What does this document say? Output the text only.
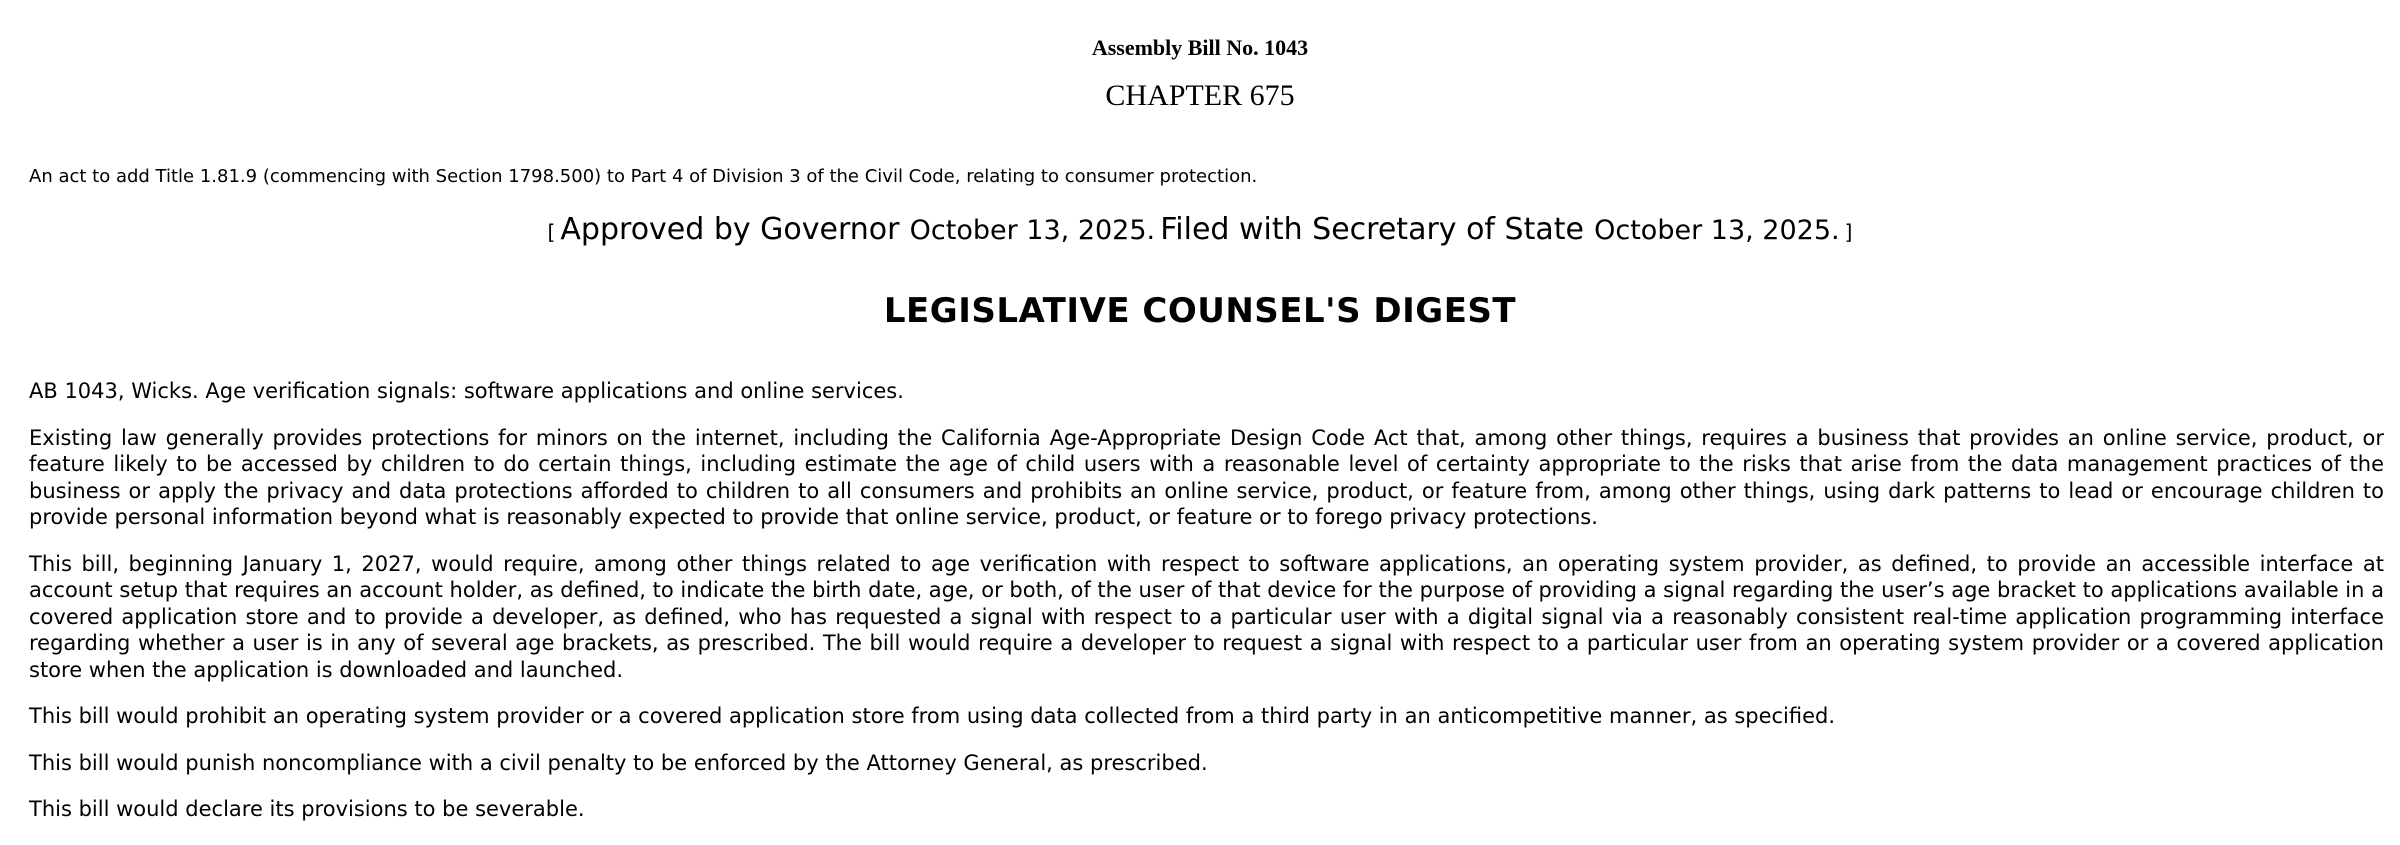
Assembly Bill No. 1043
CHAPTER 675
An act to add Title 1.81.9 (commencing with Section 1798.500) to Part 4 of Division 3 of the Civil Code, relating to consumer protection.
[ Approved by Governor October 13, 2025. Filed with Secretary of State October 13, 2025. ]
LEGISLATIVE COUNSEL'S DIGEST

AB 1043, Wicks. Age verification signals: software applications and online services.

Existing law generally provides protections for minors on the internet, including the California Age-Appropriate Design Code Act that, among other things, requires a business that provides an online service, product, or feature likely to be accessed by children to do certain things, including estimate the age of child users with a reasonable level of certainty appropriate to the risks that arise from the data management practices of the business or apply the privacy and data protections afforded to children to all consumers and prohibits an online service, product, or feature from, among other things, using dark patterns to lead or encourage children to provide personal information beyond what is reasonably expected to provide that online service, product, or feature or to forego privacy protections.

This bill, beginning January 1, 2027, would require, among other things related to age verification with respect to software applications, an operating system provider, as defined, to provide an accessible interface at account setup that requires an account holder, as defined, to indicate the birth date, age, or both, of the user of that device for the purpose of providing a signal regarding the user’s age bracket to applications available in a covered application store and to provide a developer, as defined, who has requested a signal with respect to a particular user with a digital signal via a reasonably consistent real-time application programming interface regarding whether a user is in any of several age brackets, as prescribed. The bill would require a developer to request a signal with respect to a particular user from an operating system provider or a covered application store when the application is downloaded and launched.

This bill would prohibit an operating system provider or a covered application store from using data collected from a third party in an anticompetitive manner, as specified.

This bill would punish noncompliance with a civil penalty to be enforced by the Attorney General, as prescribed.

This bill would declare its provisions to be severable.
